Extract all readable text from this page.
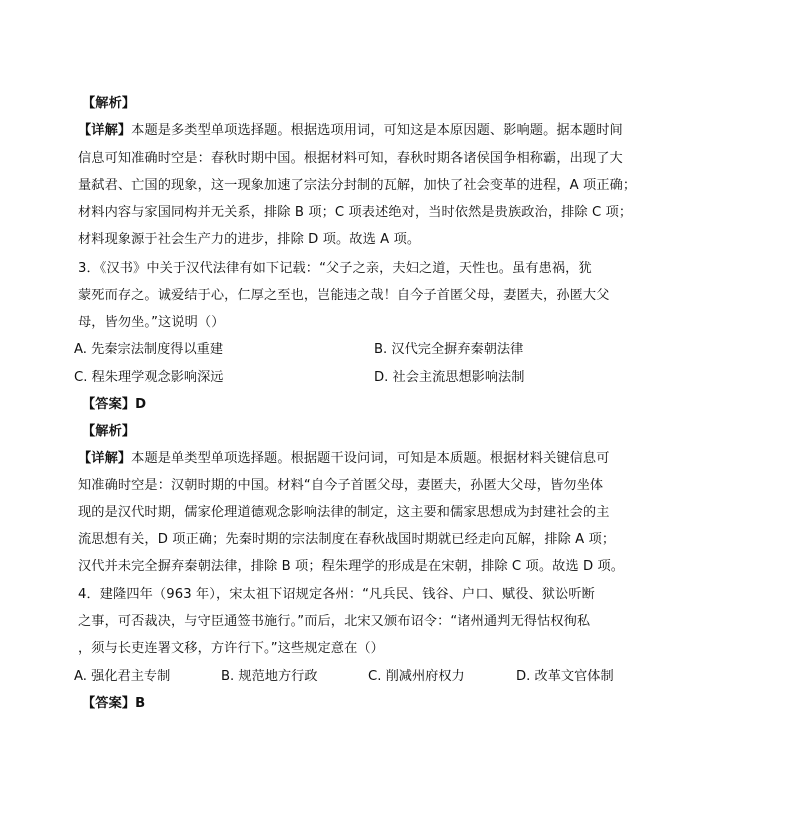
【解析】
【详解】本题是多类型单项选择题。根据选项用词，可知这是本原因题、影响题。据本题时间
信息可知准确时空是：春秋时期中国。根据材料可知，春秋时期各诸侯国争相称霸，出现了大
量弑君、亡国的现象，这一现象加速了宗法分封制的瓦解，加快了社会变革的进程，A 项正确；
材料内容与家国同构并无关系，排除 B 项；C 项表述绝对，当时依然是贵族政治，排除 C 项；
材料现象源于社会生产力的进步，排除 D 项。故选 A 项。
3．《汉书》中关于汉代法律有如下记载：“父子之亲，夫妇之道，天性也。虽有患祸，犹
蒙死而存之。诚爱结于心，仁厚之至也，岂能违之哉！自今子首匿父母，妻匿夫，孙匿大父
母，皆勿坐。”这说明（）
A. 先秦宗法制度得以重建	B. 汉代完全摒弃秦朝法律
C. 程朱理学观念影响深远	D. 社会主流思想影响法制
【答案】D
【解析】
【详解】本题是单类型单项选择题。根据题干设问词，可知是本质题。根据材料关键信息可
知准确时空是：汉朝时期的中国。材料“自今子首匿父母，妻匿夫，孙匿大父母，皆勿坐体
现的是汉代时期，儒家伦理道德观念影响法律的制定，这主要和儒家思想成为封建社会的主
流思想有关，D 项正确；先秦时期的宗法制度在春秋战国时期就已经走向瓦解，排除 A 项；
汉代并未完全摒弃秦朝法律，排除 B 项；程朱理学的形成是在宋朝，排除 C 项。故选 D 项。
4．建隆四年（963 年），宋太祖下诏规定各州：“凡兵民、钱谷、户口、赋役、狱讼听断
之事，可否裁决，与守臣通签书施行。”而后，北宋又颁布诏令：“诸州通判无得怙权徇私
，须与长吏连署文移，方许行下。”这些规定意在（）
A. 强化君主专制	B. 规范地方行政	C. 削减州府权力	D. 改革文官体制
【答案】B
